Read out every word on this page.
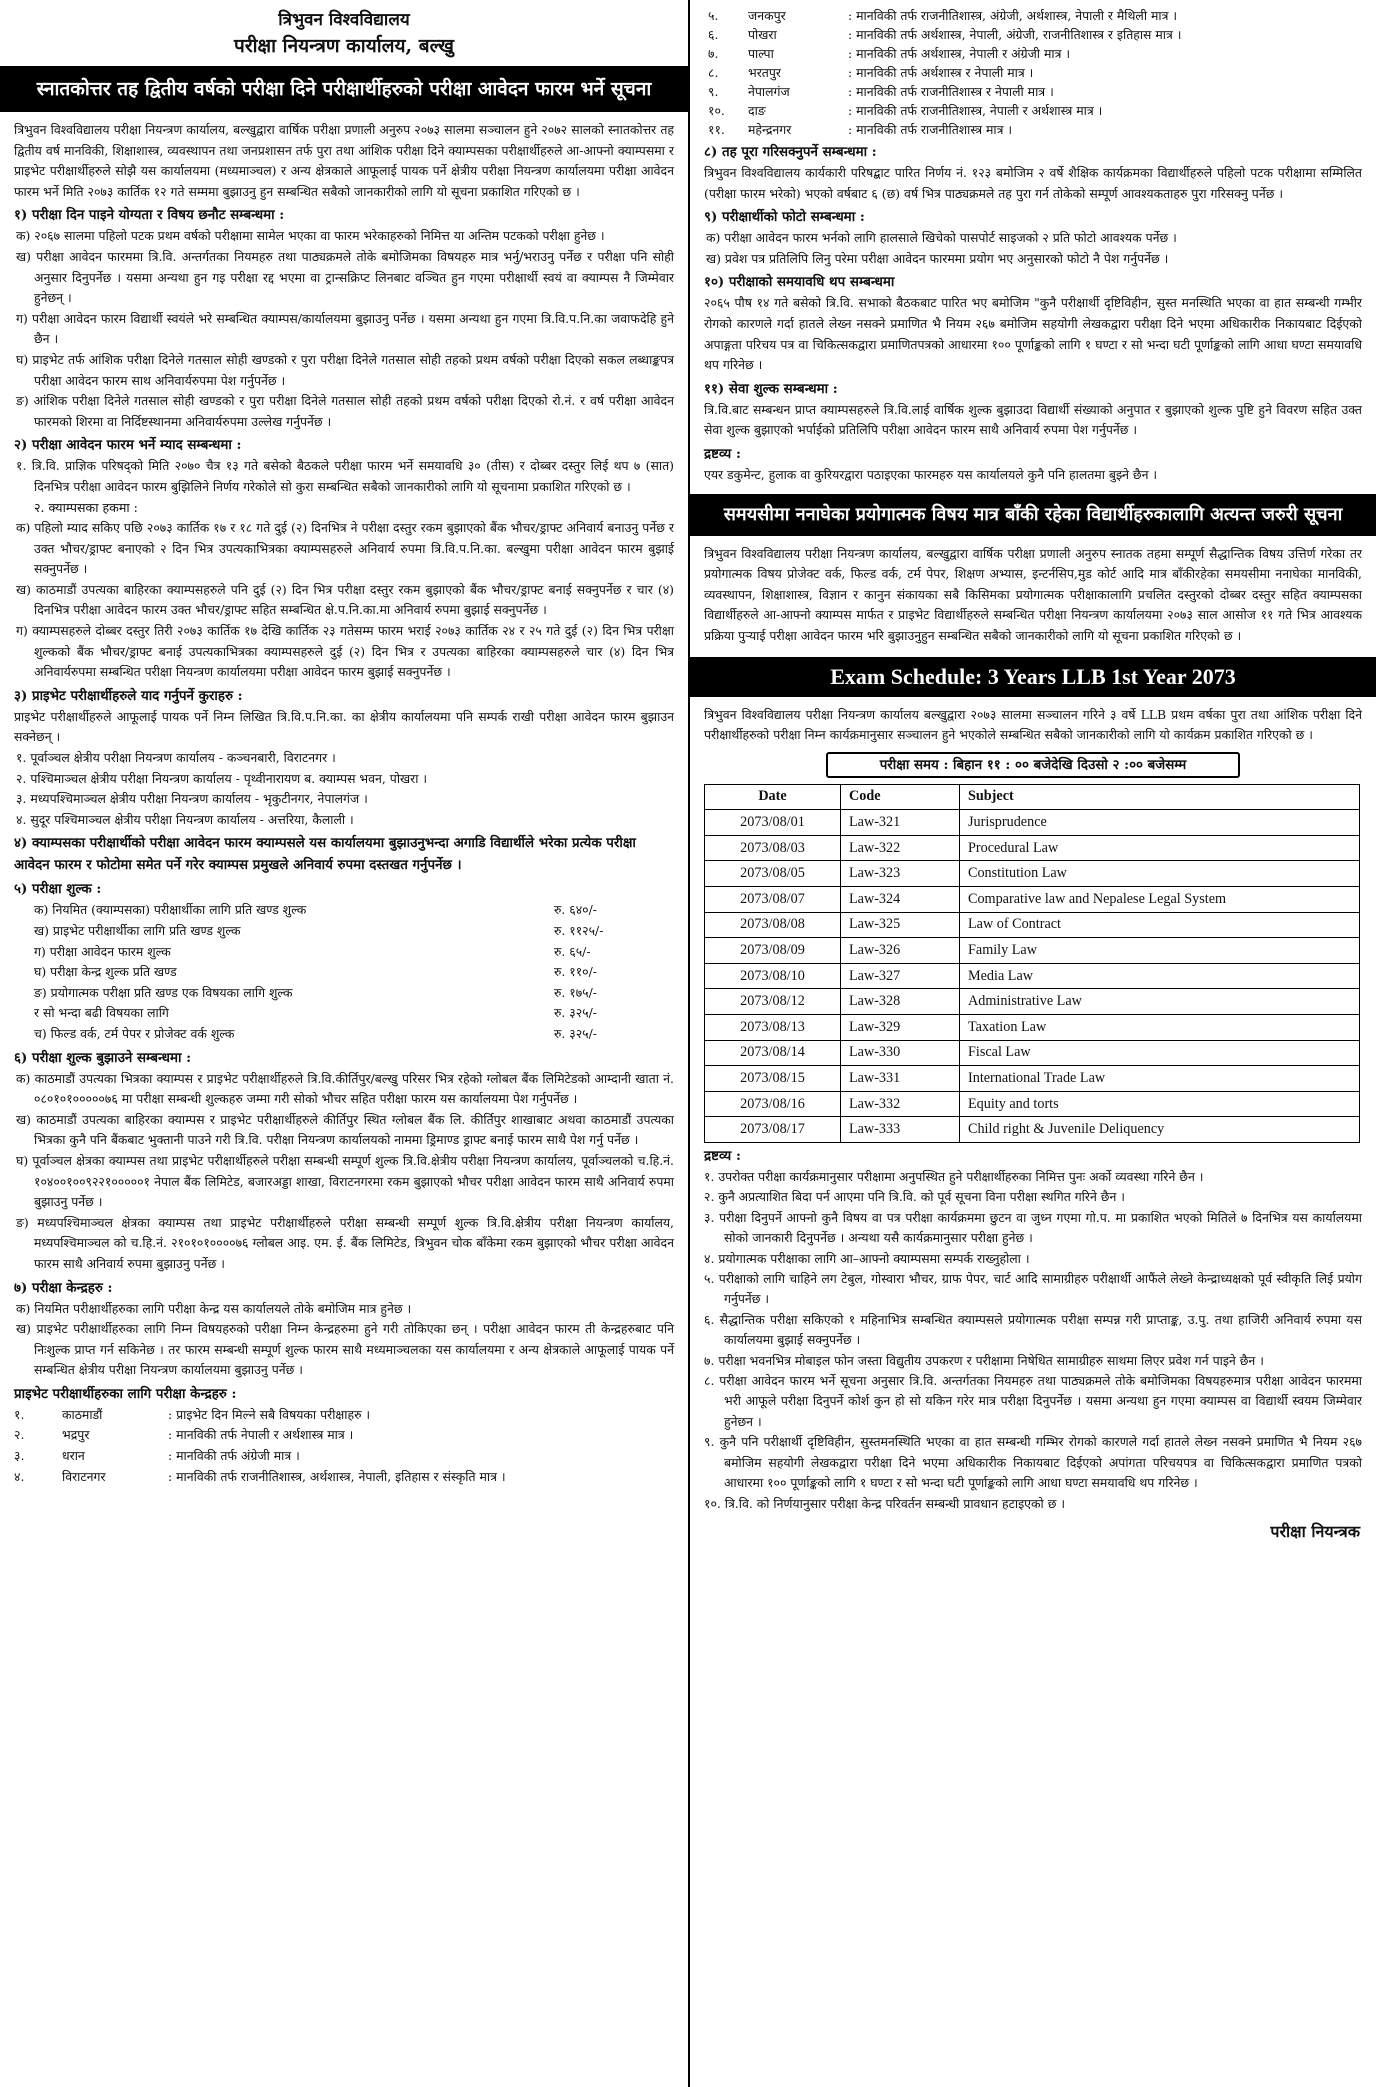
त्रिभुवन विश्वविद्यालय
परीक्षा नियन्त्रण कार्यालय, बल्खु
स्नातकोत्तर तह द्वितीय वर्षको परीक्षा दिने परीक्षार्थीहरुको परीक्षा आवेदन फारम भर्ने सूचना
त्रिभुवन विश्वविद्यालय परीक्षा नियन्त्रण कार्यालय, बल्खुद्वारा वार्षिक परीक्षा प्रणाली अनुरुप २०७३ सालमा सञ्चालन हुने २०७२ सालको स्नातकोत्तर तह द्वितीय वर्ष मानविकी, शिक्षाशास्त्र, व्यवस्थापन तथा जनप्रशासन तर्फ पुरा तथा आंशिक परीक्षा दिने क्याम्पसका परीक्षार्थीहरुले आ-आफ्नो क्याम्पसमा र प्राइभेट परीक्षार्थीहरुले सोझै यस कार्यालयमा (मध्यमाञ्चल) र अन्य क्षेत्रकाले आफूलाई पायक पर्ने क्षेत्रीय परीक्षा नियन्त्रण कार्यालयमा परीक्षा आवेदन फारम भर्ने मिति २०७३ कार्तिक १२ गते सम्ममा बुझाउनु हुन सम्बन्धित सबैको जानकारीको लागि यो सूचना प्रकाशित गरिएको छ ।
१) परीक्षा दिन पाइने योग्यता र विषय छनौट सम्बन्धमा :
क) २०६७ सालमा पहिलो पटक प्रथम वर्षको परीक्षामा सामेल भएका वा फारम भरेकाहरुको निमित्त या अन्तिम पटकको परीक्षा हुनेछ ।
ख) परीक्षा आवेदन फारममा त्रि.वि. अन्तर्गतका नियमहरु तथा पाठ्यक्रमले तोके बमोजिमका विषयहरु मात्र भर्नु/भराउनु पर्नेछ र परीक्षा पनि सोही अनुसार दिनुपर्नेछ । यसमा अन्यथा हुन गइ परीक्षा रद्द भएमा वा ट्रान्सक्रिप्ट लिनबाट वञ्चित हुन गएमा परीक्षार्थी स्वयं वा क्याम्पस नै जिम्मेवार हुनेछन् ।
ग) परीक्षा आवेदन फारम विद्यार्थी स्वयंले भरे सम्बन्धित क्याम्पस/कार्यालयमा बुझाउनु पर्नेछ । यसमा अन्यथा हुन गएमा त्रि.वि.प.नि.का जवाफदेहि हुने छैन ।
घ) प्राइभेट तर्फ आंशिक परीक्षा दिनेले गतसाल सोही खण्डको र पुरा परीक्षा दिनेले गतसाल सोही तहको प्रथम वर्षको परीक्षा दिएको सकल लब्धाङ्कपत्र परीक्षा आवेदन फारम साथ अनिवार्यरुपमा पेश गर्नुपर्नेछ ।
ङ) आंशिक परीक्षा दिनेले गतसाल सोही खण्डको र पुरा परीक्षा दिनेले गतसाल सोही तहको प्रथम वर्षको परीक्षा दिएको रो.नं. र वर्ष परीक्षा आवेदन फारमको शिरमा वा निर्दिष्टस्थानमा अनिवार्यरुपमा उल्लेख गर्नुपर्नेछ ।
२) परीक्षा आवेदन फारम भर्ने म्याद सम्बन्धमा :
१. त्रि.वि. प्राज्ञिक परिषद्को मिति २०७० चैत्र १३ गते बसेको बैठकले परीक्षा फारम भर्ने समयावधि ३० (तीस) र दोब्बर दस्तुर लिई थप ७ (सात) दिनभित्र परीक्षा आवेदन फारम बुझिलिने निर्णय गरेकोले सो कुरा सम्बन्धित सबैको जानकारीको लागि यो सूचनामा प्रकाशित गरिएको छ ।
२. क्याम्पसका हकमा :
क) पहिलो म्याद सकिए पछि २०७३ कार्तिक १७ र १८ गते दुई (२) दिनभित्र ने परीक्षा दस्तुर रकम बुझाएको बैंक भौचर/ड्राफ्ट अनिवार्य बनाउनु पर्नेछ र उक्त भौचर/ड्राफ्ट बनाएको २ दिन भित्र उपत्यकाभित्रका क्याम्पसहरुले अनिवार्य रुपमा त्रि.वि.प.नि.का. बल्खुमा परीक्षा आवेदन फारम बुझाई सक्नुपर्नेछ ।
ख) काठमाडौं उपत्यका बाहिरका क्याम्पसहरुले पनि दुई (२) दिन भित्र परीक्षा दस्तुर रकम बुझाएको बैंक भौचर/ड्राफ्ट बनाई सक्नुपर्नेछ र चार (४) दिनभित्र परीक्षा आवेदन फारम उक्त भौचर/ड्राफ्ट सहित सम्बन्धित क्षे.प.नि.का.मा अनिवार्य रुपमा बुझाई सक्नुपर्नेछ ।
ग) क्याम्पसहरुले दोब्बर दस्तुर तिरी २०७३ कार्तिक १७ देखि कार्तिक २३ गतेसम्म फारम भराई २०७३ कार्तिक २४ र २५ गते दुई (२) दिन भित्र परीक्षा शुल्कको बैंक भौचर/ड्राफ्ट बनाई उपत्यकाभित्रका क्याम्पसहरुले दुई (२) दिन भित्र र उपत्यका बाहिरका क्याम्पसहरुले चार (४) दिन भित्र अनिवार्यरुपमा सम्बन्धित परीक्षा नियन्त्रण कार्यालयमा परीक्षा आवेदन फारम बुझाई सक्नुपर्नेछ ।
३) प्राइभेट परीक्षार्थीहरुले याद गर्नुपर्ने कुराहरु :
प्राइभेट परीक्षार्थीहरुले आफूलाई पायक पर्ने निम्न लिखित त्रि.वि.प.नि.का. का क्षेत्रीय कार्यालयमा पनि सम्पर्क राखी परीक्षा आवेदन फारम बुझाउन सक्नेछन् ।
१. पूर्वाञ्चल क्षेत्रीय परीक्षा नियन्त्रण कार्यालय - कञ्चनबारी, विराटनगर ।
२. पश्चिमाञ्चल क्षेत्रीय परीक्षा नियन्त्रण कार्यालय - पृथ्वीनारायण ब. क्याम्पस भवन, पोखरा ।
३. मध्यपश्चिमाञ्चल क्षेत्रीय परीक्षा नियन्त्रण कार्यालय - भृकुटीनगर, नेपालगंज ।
४. सुदूर पश्चिमाञ्चल क्षेत्रीय परीक्षा नियन्त्रण कार्यालय - अत्तरिया, कैलाली ।
४) क्याम्पसका परीक्षार्थीको परीक्षा आवेदन फारम क्याम्पसले यस कार्यालयमा बुझाउनुभन्दा अगाडि विद्यार्थीले भरेका प्रत्येक परीक्षा आवेदन फारम र फोटोमा समेत पर्ने गरेर क्याम्पस प्रमुखले अनिवार्य रुपमा दस्तखत गर्नुपर्नेछ ।
५) परीक्षा शुल्क :
क) नियमित (क्याम्पसका) परीक्षार्थीका लागि प्रति खण्ड शुल्क	रु. ६४०/-
ख) प्राइभेट परीक्षार्थीका लागि प्रति खण्ड शुल्क	रु. ११२५/-
ग) परीक्षा आवेदन फारम शुल्क	रु. ६५/-
घ) परीक्षा केन्द्र शुल्क प्रति खण्ड	रु. ११०/-
ङ) प्रयोगात्मक परीक्षा प्रति खण्ड एक विषयका लागि शुल्क	रु. १७५/-
र सो भन्दा बढी विषयका लागि	रु. ३२५/-
च) फिल्ड वर्क, टर्म पेपर र प्रोजेक्ट वर्क शुल्क	रु. ३२५/-
६) परीक्षा शुल्क बुझाउने सम्बन्धमा :
क) काठमाडौं उपत्यका भित्रका क्याम्पस र प्राइभेट परीक्षार्थीहरुले त्रि.वि.कीर्तिपुर/बल्खु परिसर भित्र रहेको ग्लोबल बैंक लिमिटेडको आम्दानी खाता नं. ०८०१०१०००००७६ मा परीक्षा सम्बन्धी शुल्कहरु जम्मा गरी सोको भौचर सहित परीक्षा फारम यस कार्यालयमा पेश गर्नुपर्नेछ ।
ख) काठमाडौं उपत्यका बाहिरका क्याम्पस र प्राइभेट परीक्षार्थीहरुले कीर्तिपुर स्थित ग्लोबल बैंक लि. कीर्तिपुर शाखाबाट अथवा काठमाडौं उपत्यका भित्रका कुनै पनि बैंकबाट भुक्तानी पाउने गरी त्रि.वि. परीक्षा नियन्त्रण कार्यालयको नाममा ड्रिमाण्ड ड्राफ्ट बनाई फारम साथै पेश गर्नु पर्नेछ ।
घ) पूर्वाञ्चल क्षेत्रका क्याम्पस तथा प्राइभेट परीक्षार्थीहरुले परीक्षा सम्बन्धी सम्पूर्ण शुल्क त्रि.वि.क्षेत्रीय परीक्षा नियन्त्रण कार्यालय, पूर्वाञ्चलको च.हि.नं. १०४००१००९२२१०००००१ नेपाल बैंक लिमिटेड, बजारअड्डा शाखा, विराटनगरमा रकम बुझाएको भौचर परीक्षा आवेदन फारम साथै अनिवार्य रुपमा बुझाउनु पर्नेछ ।
ङ) मध्यपश्चिमाञ्चल क्षेत्रका क्याम्पस तथा प्राइभेट परीक्षार्थीहरुले परीक्षा सम्बन्धी सम्पूर्ण शुल्क त्रि.वि.क्षेत्रीय परीक्षा नियन्त्रण कार्यालय, मध्यपश्चिमाञ्चल को च.हि.नं. २१०१०१००००७६ ग्लोबल आइ. एम. ई. बैंक लिमिटेड, त्रिभुवन चोक बाँकेमा रकम बुझाएको भौचर परीक्षा आवेदन फारम साथै अनिवार्य रुपमा बुझाउनु पर्नेछ ।
७) परीक्षा केन्द्रहरु :
क) नियमित परीक्षार्थीहरुका लागि परीक्षा केन्द्र यस कार्यालयले तोके बमोजिम मात्र हुनेछ ।
ख) प्राइभेट परीक्षार्थीहरुका लागि निम्न विषयहरुको परीक्षा निम्न केन्द्रहरुमा हुने गरी तोकिएका छन् । परीक्षा आवेदन फारम ती केन्द्रहरुबाट पनि निःशुल्क प्राप्त गर्न सकिनेछ । तर फारम सम्बन्धी सम्पूर्ण शुल्क फारम साथै मध्यमाञ्चलका यस कार्यालयमा र अन्य क्षेत्रकाले आफूलाई पायक पर्ने सम्बन्धित क्षेत्रीय परीक्षा नियन्त्रण कार्यालयमा बुझाउनु पर्नेछ ।
प्राइभेट परीक्षार्थीहरुका लागि परीक्षा केन्द्रहरु :
१.	काठमाडौं	: प्राइभेट दिन मिल्ने सबै विषयका परीक्षाहरु ।
२.	भद्रपुर	: मानविकी तर्फ नेपाली र अर्थशास्त्र मात्र ।
३.	धरान	: मानविकी तर्फ अंग्रेजी मात्र ।
४.	विराटनगर	: मानविकी तर्फ राजनीतिशास्त्र, अर्थशास्त्र, नेपाली, इतिहास र संस्कृति मात्र ।
५.	जनकपुर	: मानविकी तर्फ राजनीतिशास्त्र, अंग्रेजी, अर्थशास्त्र, नेपाली र मैथिली मात्र ।
६.	पोखरा	: मानविकी तर्फ अर्थशास्त्र, नेपाली, अंग्रेजी, राजनीतिशास्त्र र इतिहास मात्र ।
७.	पाल्पा	: मानविकी तर्फ अर्थशास्त्र, नेपाली र अंग्रेजी मात्र ।
८.	भरतपुर	: मानविकी तर्फ अर्थशास्त्र र नेपाली मात्र ।
९.	नेपालगंज	: मानविकी तर्फ राजनीतिशास्त्र र नेपाली मात्र ।
१०.	दाङ	: मानविकी तर्फ राजनीतिशास्त्र, नेपाली र अर्थशास्त्र मात्र ।
११.	महेन्द्रनगर	: मानविकी तर्फ राजनीतिशास्त्र मात्र ।
८) तह पूरा गरिसक्नुपर्ने सम्बन्धमा :
त्रिभुवन विश्वविद्यालय कार्यकारी परिषद्बाट पारित निर्णय नं. १२३ बमोजिम २ वर्षे शैक्षिक कार्यक्रमका विद्यार्थीहरुले पहिलो पटक परीक्षामा सम्मिलित (परीक्षा फारम भरेको) भएको वर्षबाट ६ (छ) वर्ष भित्र पाठ्यक्रमले तह पुरा गर्न तोकेको सम्पूर्ण आवश्यकताहरु पुरा गरिसक्नु पर्नेछ ।
९) परीक्षार्थीको फोटो सम्बन्धमा :
क) परीक्षा आवेदन फारम भर्नको लागि हालसाले खिचेको पासपोर्ट साइजको २ प्रति फोटो आवश्यक पर्नेछ ।
ख) प्रवेश पत्र प्रतिलिपि लिनु परेमा परीक्षा आवेदन फारममा प्रयोग भए अनुसारको फोटो नै पेश गर्नुपर्नेछ ।
१०) परीक्षाको समयावधि थप सम्बन्धमा
२०६५ पौष १४ गते बसेको त्रि.वि. सभाको बैठकबाट पारित भए बमोजिम "कुनै परीक्षार्थी दृष्टिविहीन, सुस्त मनस्थिति भएका वा हात सम्बन्धी गम्भीर रोगको कारणले गर्दा हातले लेख्न नसक्ने प्रमाणित भै नियम २६७ बमोजिम सहयोगी लेखकद्वारा परीक्षा दिने भएमा अधिकारीक निकायबाट दिईएको अपाङ्गता परिचय पत्र वा चिकित्सकद्वारा प्रमाणितपत्रको आधारमा १०० पूर्णाङ्कको लागि १ घण्टा र सो भन्दा घटी पूर्णाङ्कको लागि आधा घण्टा समयावधि थप गरिनेछ ।
११) सेवा शुल्क सम्बन्धमा :
त्रि.वि.बाट सम्बन्धन प्राप्त क्याम्पसहरुले त्रि.वि.लाई वार्षिक शुल्क बुझाउदा विद्यार्थी संख्याको अनुपात र बुझाएको शुल्क पुष्टि हुने विवरण सहित उक्त सेवा शुल्क बुझाएको भर्पाईको प्रतिलिपि परीक्षा आवेदन फारम साथै अनिवार्य रुपमा पेश गर्नुपर्नेछ ।
द्रष्टव्य :
एयर डकुमेन्ट, हुलाक वा कुरियरद्वारा पठाइएका फारमहरु यस कार्यालयले कुनै पनि हालतमा बुझ्ने छैन ।
समयसीमा ननाघेका प्रयोगात्मक विषय मात्र बाँकी रहेका विद्यार्थीहरुकालागि अत्यन्त जरुरी सूचना
त्रिभुवन विश्वविद्यालय परीक्षा नियन्त्रण कार्यालय, बल्खुद्वारा वार्षिक परीक्षा प्रणाली अनुरुप स्नातक तहमा सम्पूर्ण सैद्धान्तिक विषय उत्तिर्ण गरेका तर प्रयोगात्मक विषय प्रोजेक्ट वर्क, फिल्ड वर्क, टर्म पेपर, शिक्षण अभ्यास, इन्टर्नसिप,मुड कोर्ट आदि मात्र बाँकीरहेका समयसीमा ननाघेका मानविकी, व्यवस्थापन, शिक्षाशास्त्र, विज्ञान र कानुन संकायका सबै किसिमका प्रयोगात्मक परीक्षाकालागि प्रचलित दस्तुरको दोब्बर दस्तुर सहित क्याम्पसका विद्यार्थीहरुले आ-आफ्नो क्याम्पस मार्फत र प्राइभेट विद्यार्थीहरुले सम्बन्धित परीक्षा नियन्त्रण कार्यालयमा २०७३ साल आसोज ११ गते भित्र आवश्यक प्रक्रिया पुऱ्याई परीक्षा आवेदन फारम भरि बुझाउनुहुन सम्बन्धित सबैको जानकारीको लागि यो सूचना प्रकाशित गरिएको छ ।
Exam Schedule: 3 Years LLB 1st Year 2073
त्रिभुवन विश्वविद्यालय परीक्षा नियन्त्रण कार्यालय बल्खुद्वारा २०७३ सालमा सञ्चालन गरिने ३ वर्षे LLB प्रथम वर्षका पुरा तथा आंशिक परीक्षा दिने परीक्षार्थीहरुको परीक्षा निम्न कार्यक्रमानुसार सञ्चालन हुने भएकोले सम्बन्धित सबैको जानकारीको लागि यो कार्यक्रम प्रकाशित गरिएको छ ।
परीक्षा समय : बिहान ११ : ०० बजेदेखि दिउसो २ :०० बजेसम्म
Date	Code	Subject
2073/08/01	Law-321	Jurisprudence
2073/08/03	Law-322	Procedural Law
2073/08/05	Law-323	Constitution Law
2073/08/07	Law-324	Comparative law and Nepalese Legal System
2073/08/08	Law-325	Law of Contract
2073/08/09	Law-326	Family Law
2073/08/10	Law-327	Media Law
2073/08/12	Law-328	Administrative Law
2073/08/13	Law-329	Taxation Law
2073/08/14	Law-330	Fiscal Law
2073/08/15	Law-331	International Trade Law
2073/08/16	Law-332	Equity and torts
2073/08/17	Law-333	Child right & Juvenile Deliquency
द्रष्टव्य :
१. उपरोक्त परीक्षा कार्यक्रमानुसार परीक्षामा अनुपस्थित हुने परीक्षार्थीहरुका निमित्त पुनः अर्को व्यवस्था गरिने छैन ।
२. कुनै अप्रत्याशित बिदा पर्न आएमा पनि त्रि.वि. को पूर्व सूचना विना परीक्षा स्थगित गरिने छैन ।
३. परीक्षा दिनुपर्ने आफ्नो कुनै विषय वा पत्र परीक्षा कार्यक्रममा छुटन वा जुध्न गएमा गो.प. मा प्रकाशित भएको मितिले ७ दिनभित्र यस कार्यालयमा सोको जानकारी दिनुपर्नेछ । अन्यथा यसै कार्यक्रमानुसार परीक्षा हुनेछ ।
४. प्रयोगात्मक परीक्षाका लागि आ–आफ्नो क्याम्पसमा सम्पर्क राख्नुहोला ।
५. परीक्षाको लागि चाहिने लग टेबुल, गोस्वारा भौचर, ग्राफ पेपर, चार्ट आदि सामाग्रीहरु परीक्षार्थी आफैंले लेख्ने केन्द्राध्यक्षको पूर्व स्वीकृति लिई प्रयोग गर्नुपर्नेछ ।
६. सैद्धान्तिक परीक्षा सकिएको १ महिनाभित्र सम्बन्धित क्याम्पसले प्रयोगात्मक परीक्षा सम्पन्न गरी प्राप्ताङ्क, उ.पु. तथा हाजिरी अनिवार्य रुपमा यस कार्यालयमा बुझाई सक्नुपर्नेछ ।
७. परीक्षा भवनभित्र मोबाइल फोन जस्ता विद्युतीय उपकरण र परीक्षामा निषेधित सामाग्रीहरु साथमा लिएर प्रवेश गर्न पाइने छैन ।
८. परीक्षा आवेदन फारम भर्ने सूचना अनुसार त्रि.वि. अन्तर्गतका नियमहरु तथा पाठ्यक्रमले तोके बमोजिमका विषयहरुमात्र परीक्षा आवेदन फारममा भरी आफूले परीक्षा दिनुपर्ने कोर्श कुन हो सो यकिन गरेर मात्र परीक्षा दिनुपर्नेछ । यसमा अन्यथा हुन गएमा क्याम्पस वा विद्यार्थी स्वयम जिम्मेवार हुनेछन ।
९. कुनै पनि परीक्षार्थी दृष्टिविहीन, सुस्तमनस्थिति भएका वा हात सम्बन्धी गम्भिर रोगको कारणले गर्दा हातले लेख्न नसक्ने प्रमाणित भै नियम २६७ बमोजिम सहयोगी लेखकद्वारा परीक्षा दिने भएमा अधिकारीक निकायबाट दिईएको अपांगता परिचयपत्र वा चिकित्सकद्वारा प्रमाणित पत्रको आधारमा १०० पूर्णाङ्कको लागि १ घण्टा र सो भन्दा घटी पूर्णाङ्कको लागि आधा घण्टा समयावधि थप गरिनेछ ।
१०. त्रि.वि. को निर्णयानुसार परीक्षा केन्द्र परिवर्तन सम्बन्धी प्रावधान हटाइएको छ ।
परीक्षा नियन्त्रक
